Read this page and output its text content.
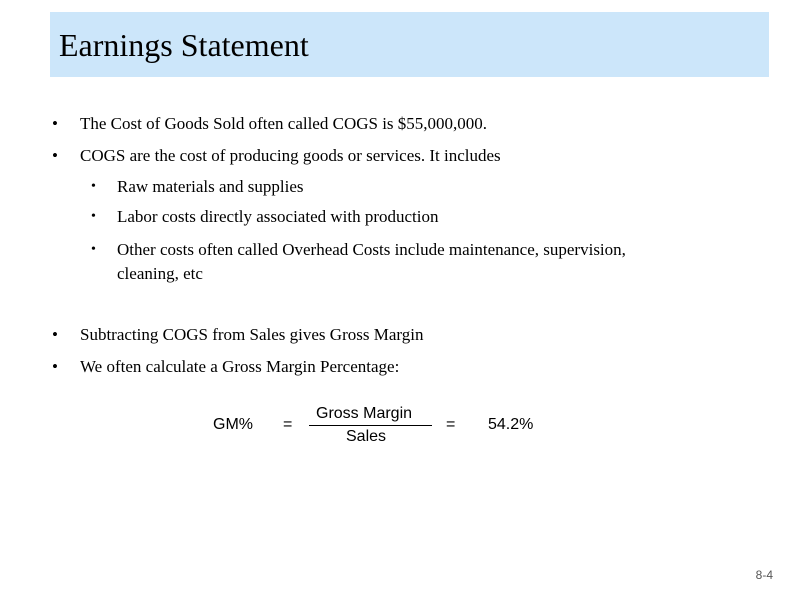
Earnings Statement
• The Cost of Goods Sold often called COGS is $55,000,000.
• COGS are the cost of producing goods or services. It includes
• Raw materials and supplies
• Labor costs directly associated with production
• Other costs often called Overhead Costs include maintenance, supervision,
cleaning, etc
• Subtracting COGS from Sales gives Gross Margin
• We often calculate a Gross Margin Percentage:
GM% =
Gross Margin
Sales
= 54.2%
8-4
